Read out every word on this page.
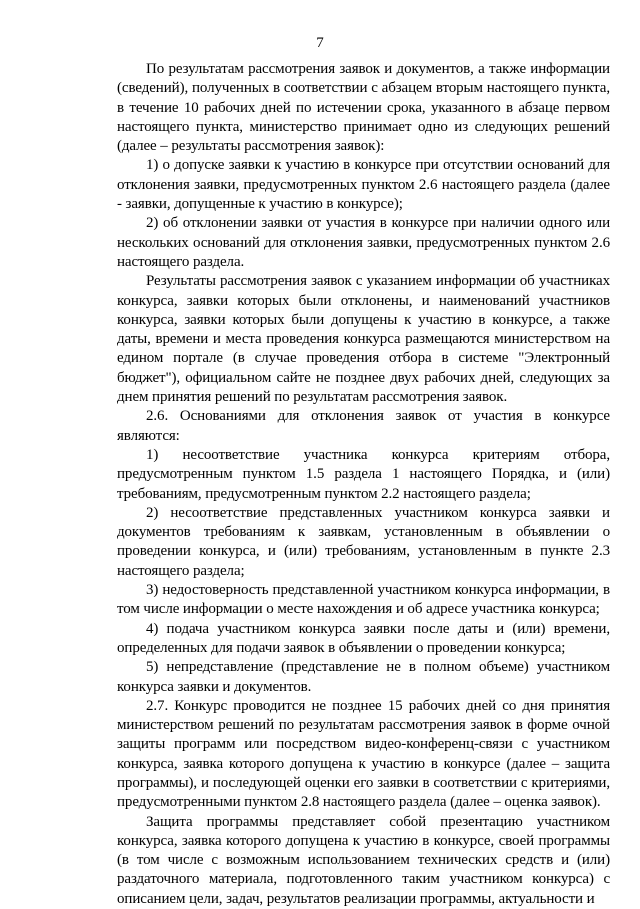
7

По результатам рассмотрения заявок и документов, а также информации (сведений), полученных в соответствии с абзацем вторым настоящего пункта, в течение 10 рабочих дней по истечении срока, указанного в абзаце первом настоящего пункта, министерство принимает одно из следующих решений (далее – результаты рассмотрения заявок):

1) о допуске заявки к участию в конкурсе при отсутствии оснований для отклонения заявки, предусмотренных пунктом 2.6 настоящего раздела (далее - заявки, допущенные к участию в конкурсе);

2) об отклонении заявки от участия в конкурсе при наличии одного или нескольких оснований для отклонения заявки, предусмотренных пунктом 2.6 настоящего раздела.

Результаты рассмотрения заявок с указанием информации об участниках конкурса, заявки которых были отклонены, и наименований участников конкурса, заявки которых были допущены к участию в конкурсе, а также даты, времени и места проведения конкурса размещаются министерством на едином портале (в случае проведения отбора в системе "Электронный бюджет"), официальном сайте не позднее двух рабочих дней, следующих за днем принятия решений по результатам рассмотрения заявок.

2.6. Основаниями для отклонения заявок от участия в конкурсе являются:

1) несоответствие участника конкурса критериям отбора, предусмотренным пунктом 1.5 раздела 1 настоящего Порядка, и (или) требованиям, предусмотренным пунктом 2.2 настоящего раздела;

2) несоответствие представленных участником конкурса заявки и документов требованиям к заявкам, установленным в объявлении о проведении конкурса, и (или) требованиям, установленным в пункте 2.3 настоящего раздела;

3) недостоверность представленной участником конкурса информации, в том числе информации о месте нахождения и об адресе участника конкурса;

4) подача участником конкурса заявки после даты и (или) времени, определенных для подачи заявок в объявлении о проведении конкурса;

5) непредставление (представление не в полном объеме) участником конкурса заявки и документов.

2.7. Конкурс проводится не позднее 15 рабочих дней со дня принятия министерством решений по результатам рассмотрения заявок в форме очной защиты программ или посредством видео-конференц-связи с участником конкурса, заявка которого допущена к участию в конкурсе (далее – защита программы), и последующей оценки его заявки в соответствии с критериями, предусмотренными пунктом 2.8 настоящего раздела (далее – оценка заявок).

Защита программы представляет собой презентацию участником конкурса, заявка которого допущена к участию в конкурсе, своей программы (в том числе с возможным использованием технических средств и (или) раздаточного материала, подготовленного таким участником конкурса) с описанием цели, задач, результатов реализации программы, актуальности и
